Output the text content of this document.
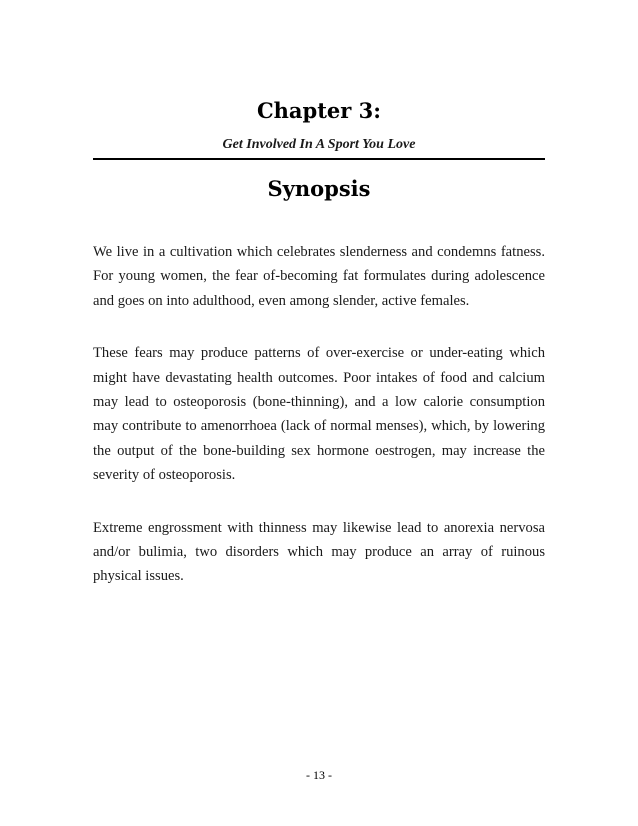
Chapter 3:
Get Involved In A Sport You Love
Synopsis

We live in a cultivation which celebrates slenderness and condemns fatness. For young women, the fear of-becoming fat formulates during adolescence and goes on into adulthood, even among slender, active females.

These fears may produce patterns of over-exercise or under-eating which might have devastating health outcomes. Poor intakes of food and calcium may lead to osteoporosis (bone-thinning), and a low calorie consumption may contribute to amenorrhoea (lack of normal menses), which, by lowering the output of the bone-building sex hormone oestrogen, may increase the severity of osteoporosis.

Extreme engrossment with thinness may likewise lead to anorexia nervosa and/or bulimia, two disorders which may produce an array of ruinous physical issues.

- 13 -
